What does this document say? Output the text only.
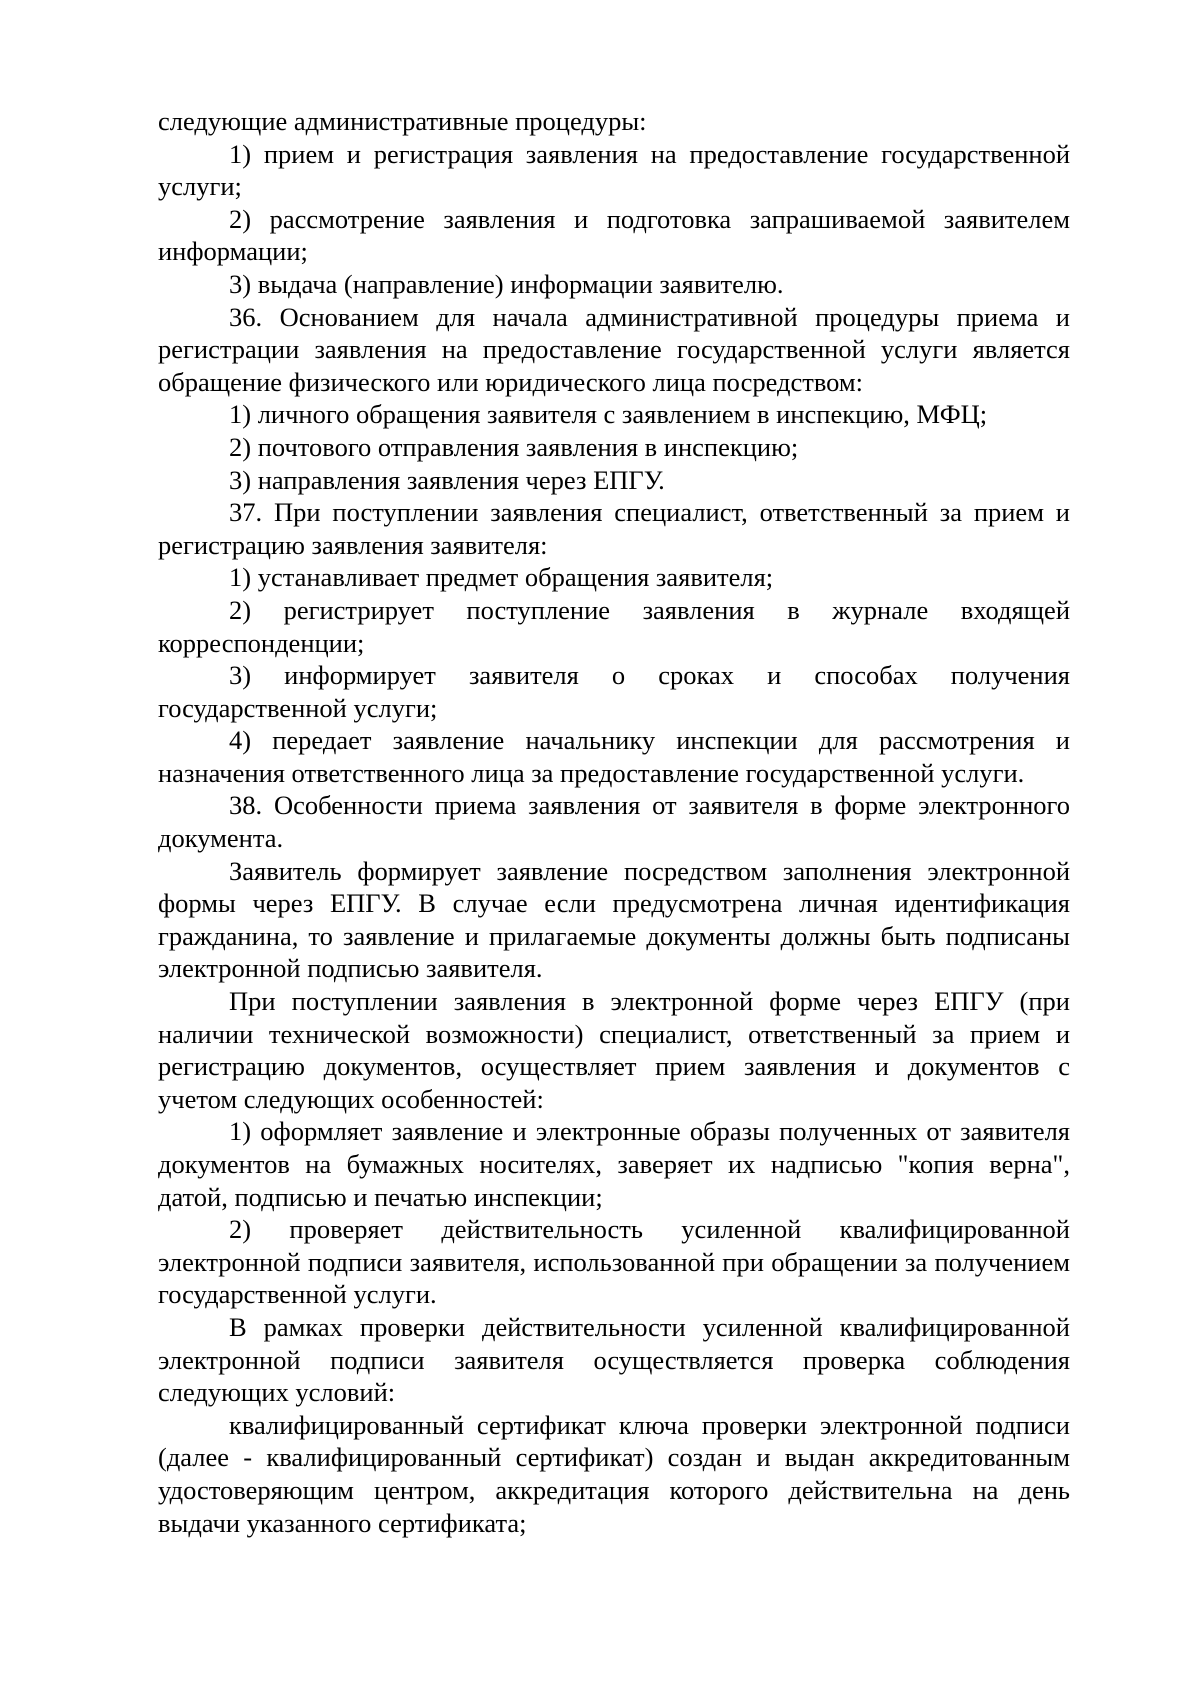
следующие административные процедуры:

1) прием и регистрация заявления на предоставление государственной услуги;

2) рассмотрение заявления и подготовка запрашиваемой заявителем информации;

3) выдача (направление) информации заявителю.

36. Основанием для начала административной процедуры приема и регистрации заявления на предоставление государственной услуги является обращение физического или юридического лица посредством:

1) личного обращения заявителя с заявлением в инспекцию, МФЦ;

2) почтового отправления заявления в инспекцию;

3) направления заявления через ЕПГУ.

37. При поступлении заявления специалист, ответственный за прием и регистрацию заявления заявителя:

1) устанавливает предмет обращения заявителя;

2) регистрирует поступление заявления в журнале входящей корреспонденции;

3) информирует заявителя о сроках и способах получения государственной услуги;

4) передает заявление начальнику инспекции для рассмотрения и назначения ответственного лица за предоставление государственной услуги.

38. Особенности приема заявления от заявителя в форме электронного документа.

Заявитель формирует заявление посредством заполнения электронной формы через ЕПГУ. В случае если предусмотрена личная идентификация гражданина, то заявление и прилагаемые документы должны быть подписаны электронной подписью заявителя.

При поступлении заявления в электронной форме через ЕПГУ (при наличии технической возможности) специалист, ответственный за прием и регистрацию документов, осуществляет прием заявления и документов с учетом следующих особенностей:

1) оформляет заявление и электронные образы полученных от заявителя документов на бумажных носителях, заверяет их надписью "копия верна", датой, подписью и печатью инспекции;

2) проверяет действительность усиленной квалифицированной электронной подписи заявителя, использованной при обращении за получением государственной услуги.

В рамках проверки действительности усиленной квалифицированной электронной подписи заявителя осуществляется проверка соблюдения следующих условий:

квалифицированный сертификат ключа проверки электронной подписи (далее - квалифицированный сертификат) создан и выдан аккредитованным удостоверяющим центром, аккредитация которого действительна на день выдачи указанного сертификата;
